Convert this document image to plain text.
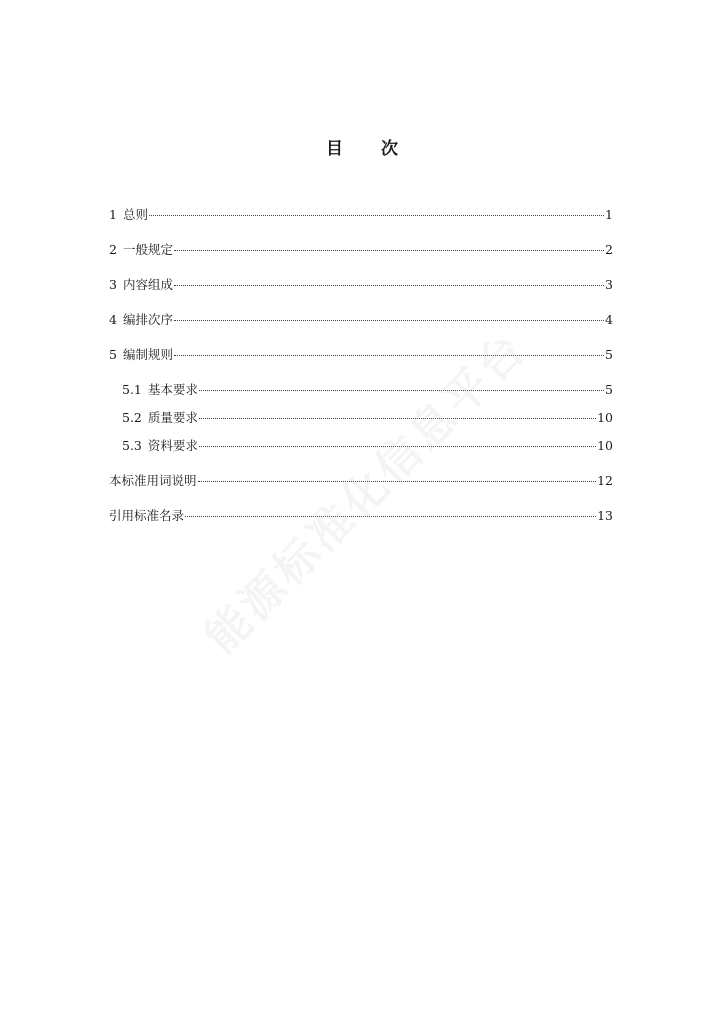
目 次
1 总则	1
2 一般规定	2
3 内容组成	3
4 编排次序	4
5 编制规则	5
5.1 基本要求	5
5.2 质量要求	10
5.3 资料要求	10
本标准用词说明	12
引用标准名录	13
能源标准化信息平台
